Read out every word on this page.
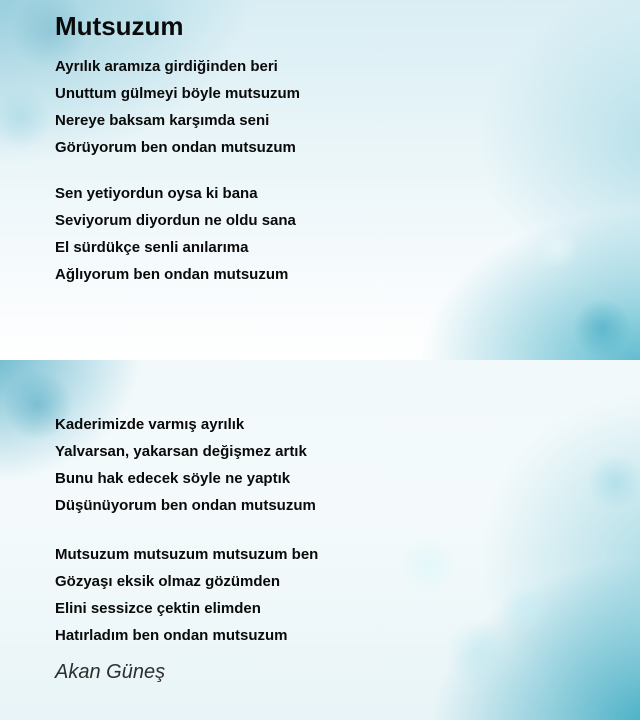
Mutsuzum

Ayrılık aramıza girdiğinden beri

Unuttum gülmeyi böyle mutsuzum

Nereye baksam karşımda seni

Görüyorum ben ondan mutsuzum

Sen yetiyordun oysa ki bana

Seviyorum diyordun ne oldu sana

El sürdükçe senli anılarıma

Ağlıyorum ben ondan mutsuzum

Kaderimizde varmış ayrılık

Yalvarsan, yakarsan değişmez artık

Bunu hak edecek söyle ne yaptık

Düşünüyorum ben ondan mutsuzum

Mutsuzum mutsuzum mutsuzum ben

Gözyaşı eksik olmaz gözümden

Elini sessizce çektin elimden

Hatırladım ben ondan mutsuzum

Akan Güneş
